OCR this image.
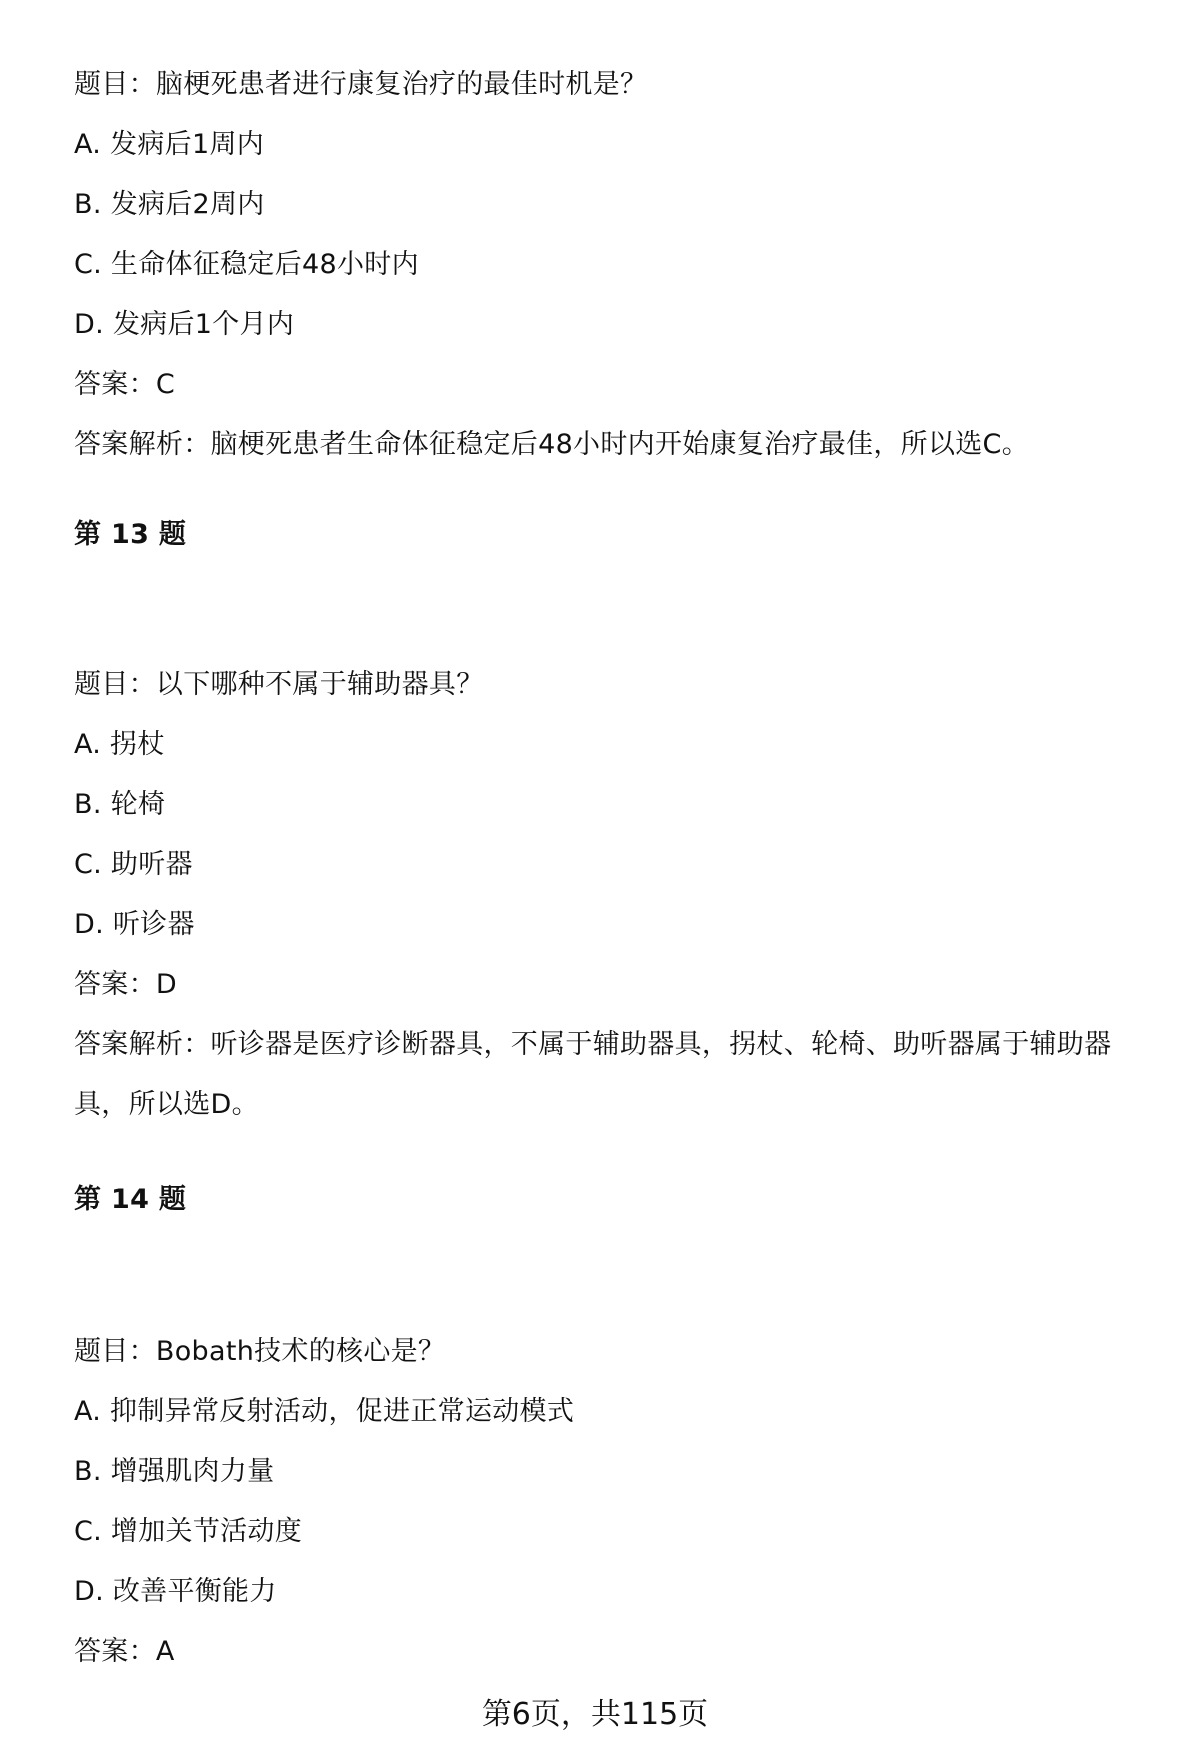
题目：脑梗死患者进行康复治疗的最佳时机是？
A. 发病后1周内
B. 发病后2周内
C. 生命体征稳定后48小时内
D. 发病后1个月内
答案：C
答案解析：脑梗死患者生命体征稳定后48小时内开始康复治疗最佳，所以选C。
第 13 题
题目：以下哪种不属于辅助器具？
A. 拐杖
B. 轮椅
C. 助听器
D. 听诊器
答案：D
答案解析：听诊器是医疗诊断器具，不属于辅助器具，拐杖、轮椅、助听器属于辅助器具，所以选D。
第 14 题
题目：Bobath技术的核心是？
A. 抑制异常反射活动，促进正常运动模式
B. 增强肌肉力量
C. 增加关节活动度
D. 改善平衡能力
答案：A
第6页，共115页
